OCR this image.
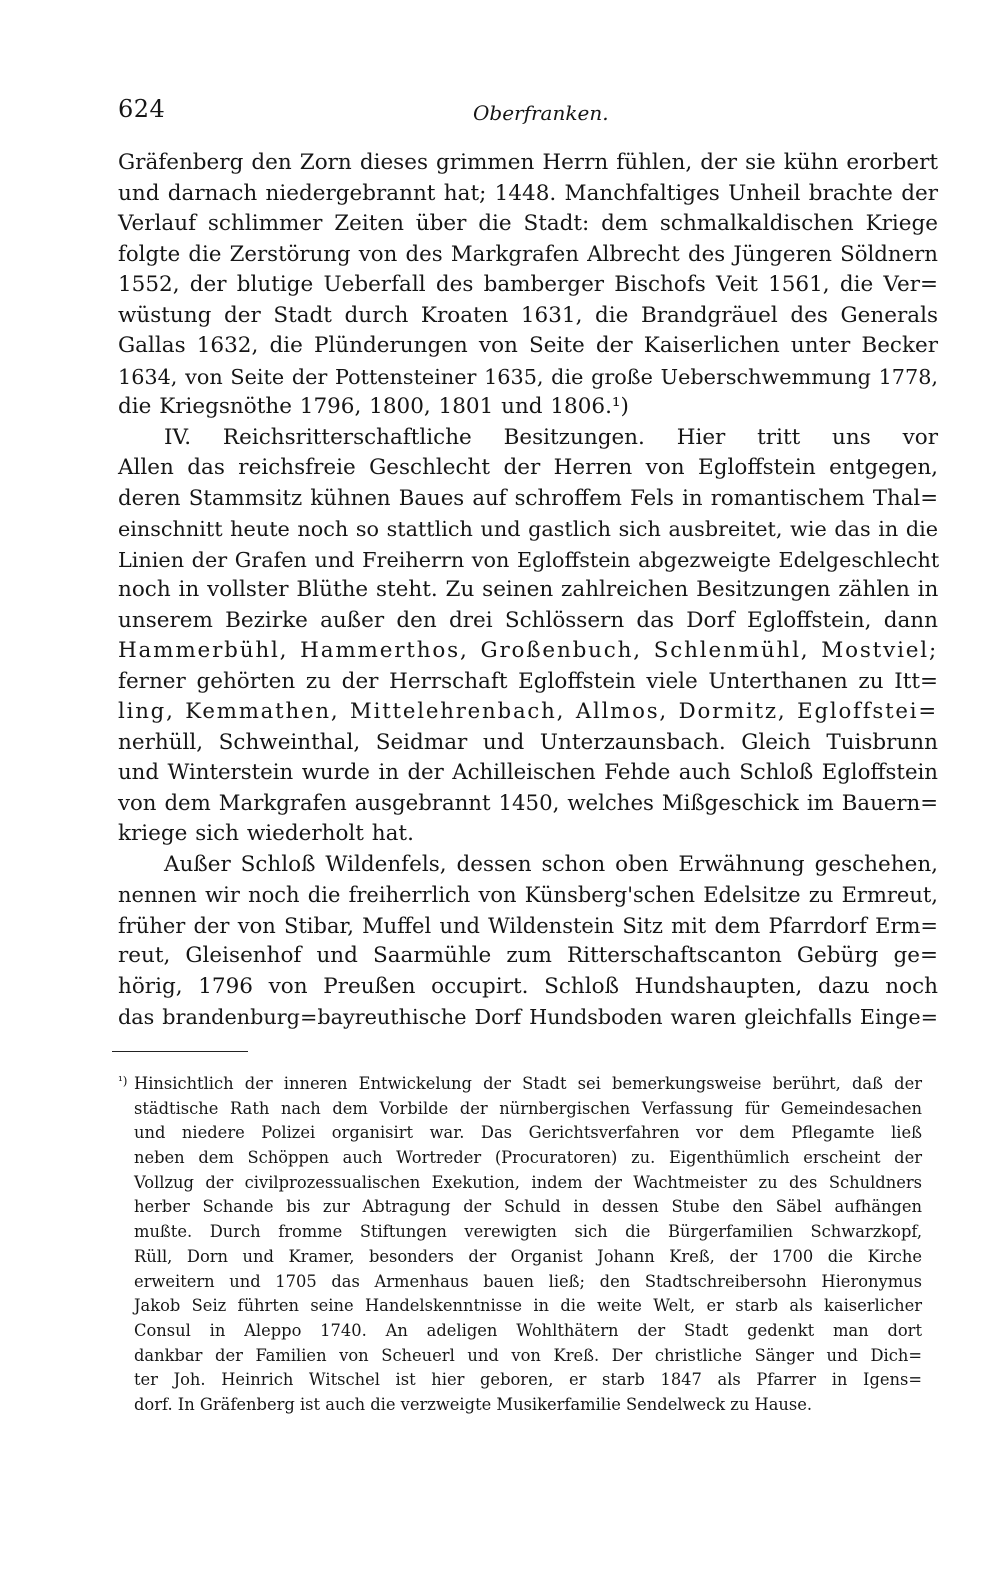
624	Oberfranken.
Gräfenberg den Zorn dieses grimmen Herrn fühlen, der sie kühn erorbert
und darnach niedergebrannt hat; 1448. Manchfaltiges Unheil brachte der
Verlauf schlimmer Zeiten über die Stadt: dem schmalkaldischen Kriege
folgte die Zerstörung von des Markgrafen Albrecht des Jüngeren Söldnern
1552, der blutige Ueberfall des bamberger Bischofs Veit 1561, die Ver=
wüstung der Stadt durch Kroaten 1631, die Brandgräuel des Generals
Gallas 1632, die Plünderungen von Seite der Kaiserlichen unter Becker
1634, von Seite der Pottensteiner 1635, die große Ueberschwemmung 1778,
die Kriegsnöthe 1796, 1800, 1801 und 1806.¹)
IV. Reichsritterschaftliche Besitzungen. Hier tritt uns vor
Allen das reichsfreie Geschlecht der Herren von Egloffstein entgegen,
deren Stammsitz kühnen Baues auf schroffem Fels in romantischem Thal=
einschnitt heute noch so stattlich und gastlich sich ausbreitet, wie das in die
Linien der Grafen und Freiherrn von Egloffstein abgezweigte Edelgeschlecht
noch in vollster Blüthe steht. Zu seinen zahlreichen Besitzungen zählen in
unserem Bezirke außer den drei Schlössern das Dorf Egloffstein, dann
Hammerbühl, Hammerthos, Großenbuch, Schlenmühl, Mostviel;
ferner gehörten zu der Herrschaft Egloffstein viele Unterthanen zu Itt=
ling, Kemmathen, Mittelehrenbach, Allmos, Dormitz, Egloffstei=
nerhüll, Schweinthal, Seidmar und Unterzaunsbach. Gleich Tuisbrunn
und Winterstein wurde in der Achilleischen Fehde auch Schloß Egloffstein
von dem Markgrafen ausgebrannt 1450, welches Mißgeschick im Bauern=
kriege sich wiederholt hat.
Außer Schloß Wildenfels, dessen schon oben Erwähnung geschehen,
nennen wir noch die freiherrlich von Künsberg'schen Edelsitze zu Ermreut,
früher der von Stibar, Muffel und Wildenstein Sitz mit dem Pfarrdorf Erm=
reut, Gleisenhof und Saarmühle zum Ritterschaftscanton Gebürg ge=
hörig, 1796 von Preußen occupirt. Schloß Hundshaupten, dazu noch
das brandenburg=bayreuthische Dorf Hundsboden waren gleichfalls Einge=
¹) Hinsichtlich der inneren Entwickelung der Stadt sei bemerkungsweise berührt, daß der
städtische Rath nach dem Vorbilde der nürnbergischen Verfassung für Gemeindesachen
und niedere Polizei organisirt war. Das Gerichtsverfahren vor dem Pflegamte ließ
neben dem Schöppen auch Wortreder (Procuratoren) zu. Eigenthümlich erscheint der
Vollzug der civilprozessualischen Exekution, indem der Wachtmeister zu des Schuldners
herber Schande bis zur Abtragung der Schuld in dessen Stube den Säbel aufhängen
mußte. Durch fromme Stiftungen verewigten sich die Bürgerfamilien Schwarzkopf,
Rüll, Dorn und Kramer, besonders der Organist Johann Kreß, der 1700 die Kirche
erweitern und 1705 das Armenhaus bauen ließ; den Stadtschreibersohn Hieronymus
Jakob Seiz führten seine Handelskenntnisse in die weite Welt, er starb als kaiserlicher
Consul in Aleppo 1740. An adeligen Wohlthätern der Stadt gedenkt man dort
dankbar der Familien von Scheuerl und von Kreß. Der christliche Sänger und Dich=
ter Joh. Heinrich Witschel ist hier geboren, er starb 1847 als Pfarrer in Igens=
dorf. In Gräfenberg ist auch die verzweigte Musikerfamilie Sendelweck zu Hause.
